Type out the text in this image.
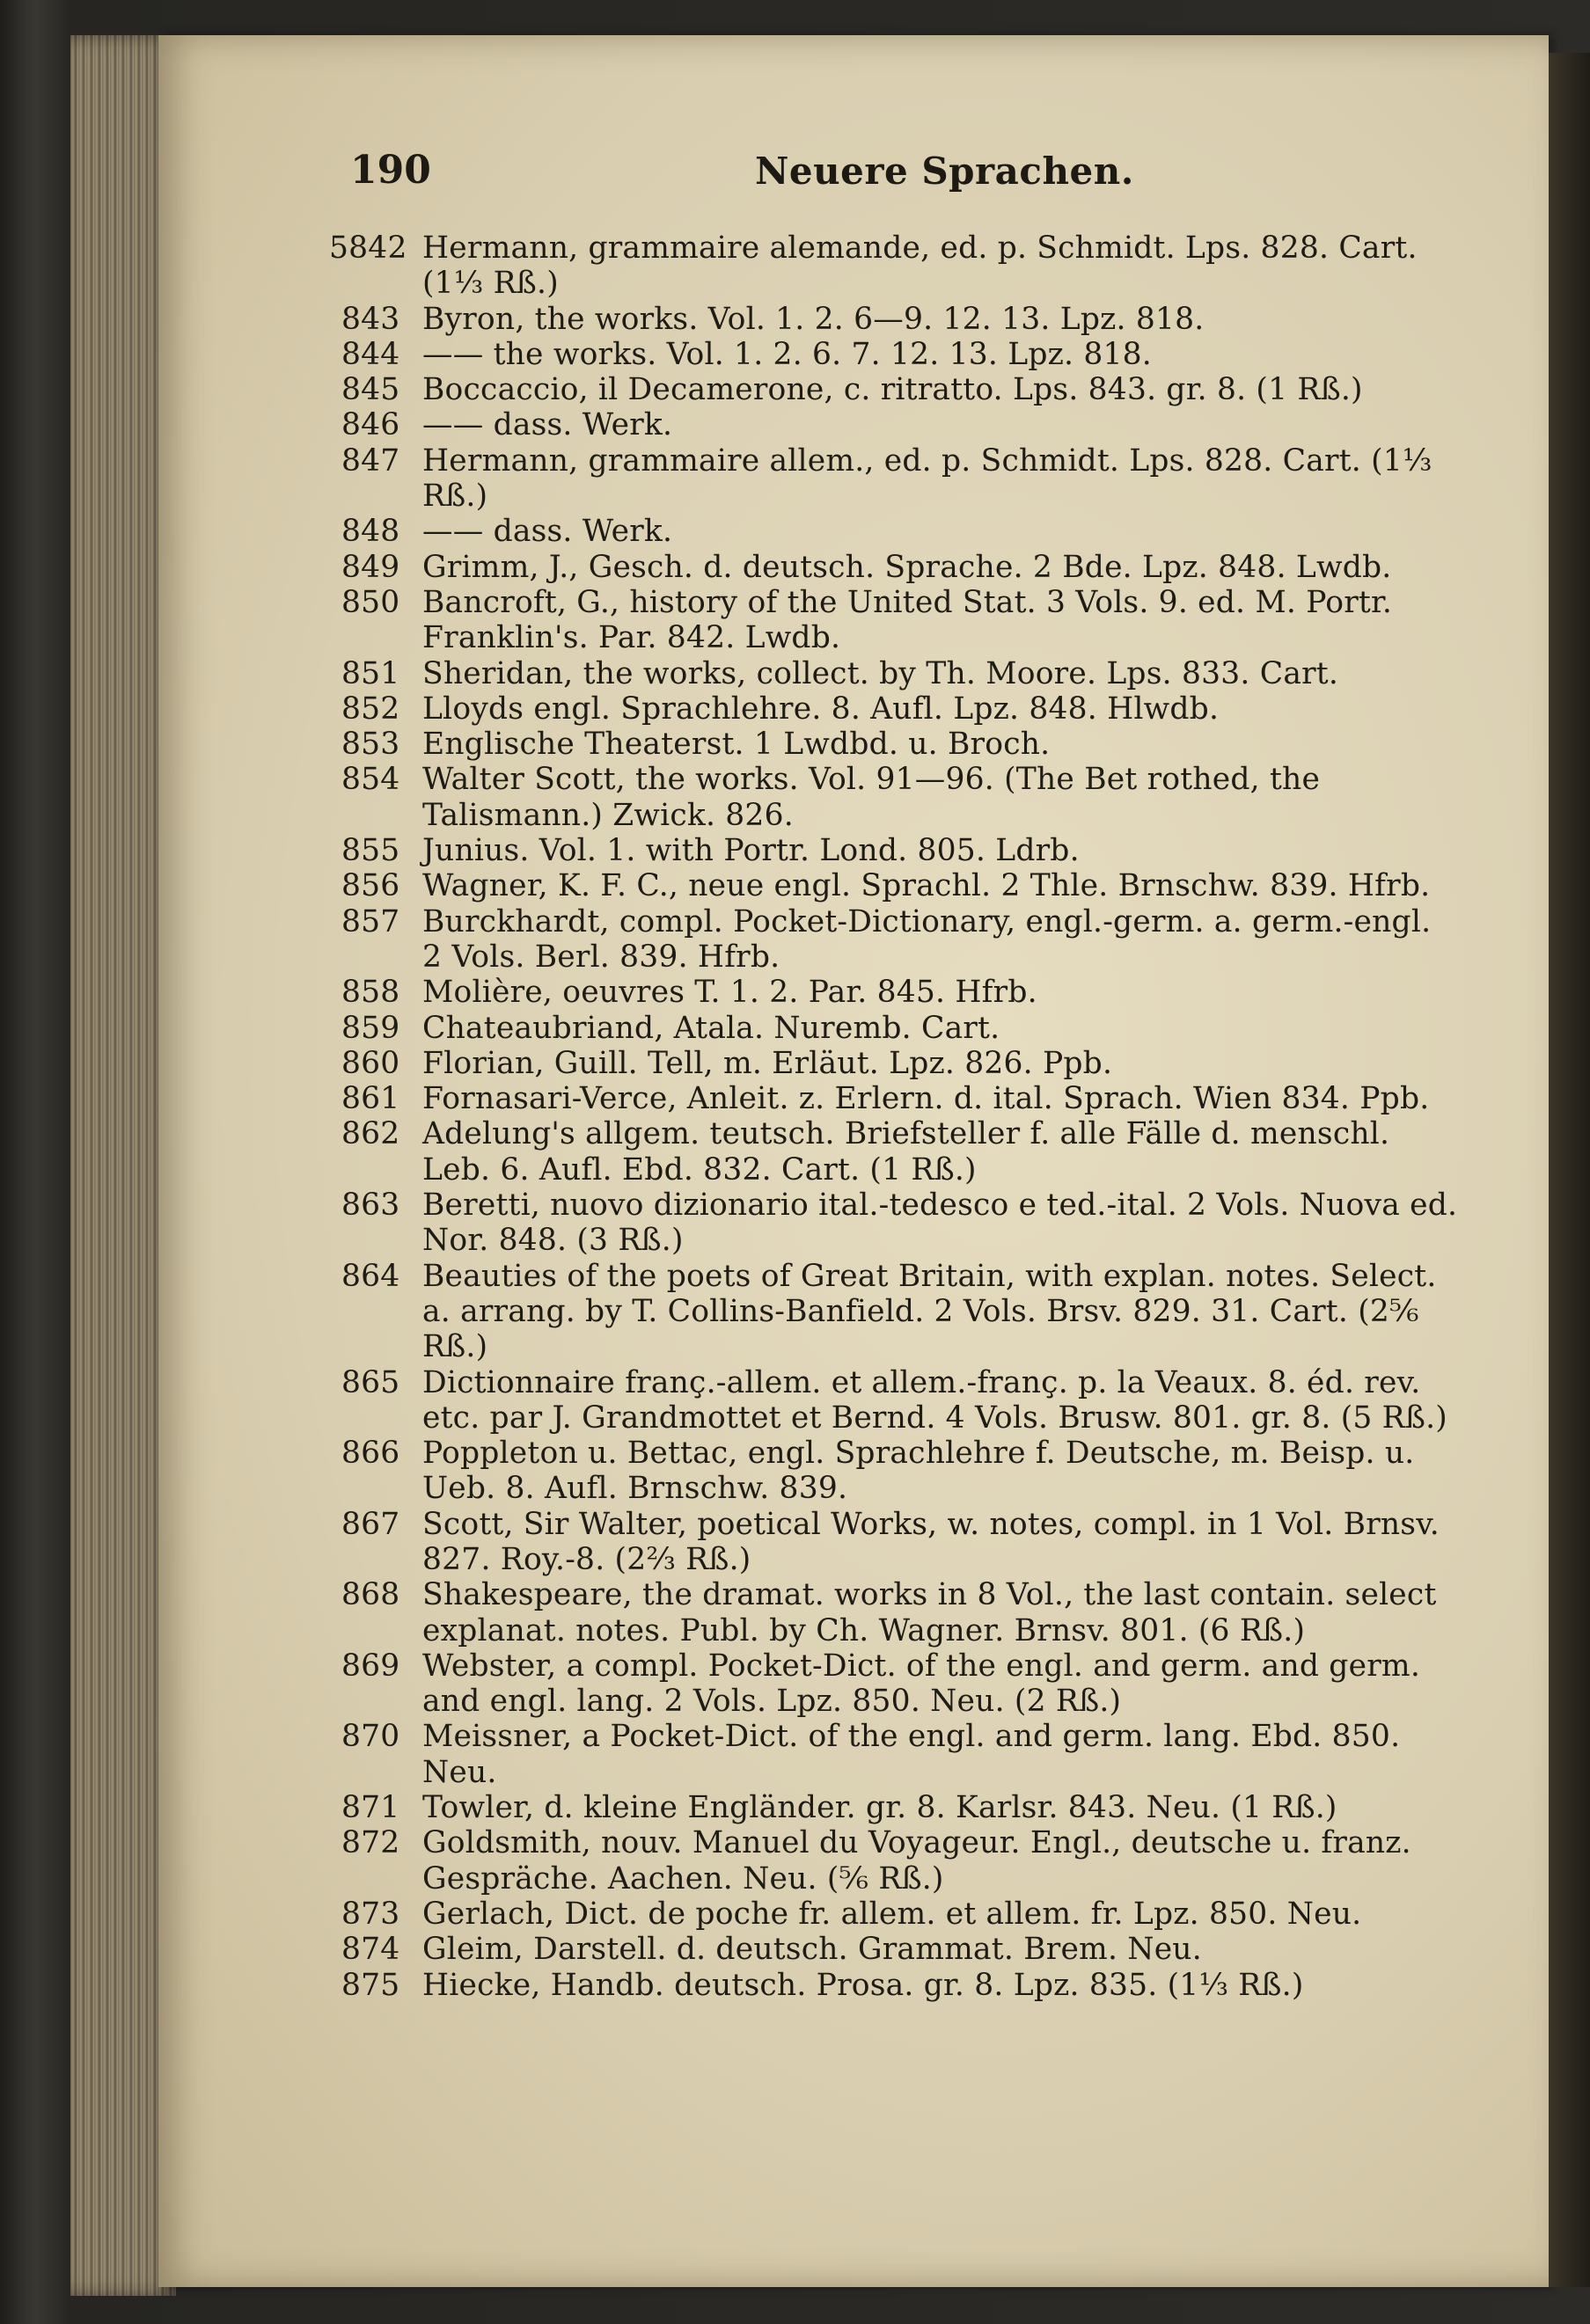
190	Neuere Sprachen.
5842 Hermann, grammaire alemande, ed. p. Schmidt. Lps. 828. Cart. (1⅓ Rß.)
843 Byron, the works. Vol. 1. 2. 6—9. 12. 13. Lpz. 818.
844 —— the works. Vol. 1. 2. 6. 7. 12. 13. Lpz. 818.
845 Boccaccio, il Decamerone, c. ritratto. Lps. 843. gr. 8. (1 Rß.)
846 —— dass. Werk.
847 Hermann, grammaire allem., ed. p. Schmidt. Lps. 828. Cart. (1⅓ Rß.)
848 —— dass. Werk.
849 Grimm, J., Gesch. d. deutsch. Sprache. 2 Bde. Lpz. 848. Lwdb.
850 Bancroft, G., history of the United Stat. 3 Vols. 9. ed. M. Portr. Franklin's. Par. 842. Lwdb.
851 Sheridan, the works, collect. by Th. Moore. Lps. 833. Cart.
852 Lloyds engl. Sprachlehre. 8. Aufl. Lpz. 848. Hlwdb.
853 Englische Theaterst. 1 Lwdbd. u. Broch.
854 Walter Scott, the works. Vol. 91—96. (The Bet rothed, the Talismann.) Zwick. 826.
855 Junius. Vol. 1. with Portr. Lond. 805. Ldrb.
856 Wagner, K. F. C., neue engl. Sprachl. 2 Thle. Brnschw. 839. Hfrb.
857 Burckhardt, compl. Pocket-Dictionary, engl.-germ. a. germ.-engl. 2 Vols. Berl. 839. Hfrb.
858 Molière, oeuvres T. 1. 2. Par. 845. Hfrb.
859 Chateaubriand, Atala. Nuremb. Cart.
860 Florian, Guill. Tell, m. Erläut. Lpz. 826. Ppb.
861 Fornasari-Verce, Anleit. z. Erlern. d. ital. Sprach. Wien 834. Ppb.
862 Adelung's allgem. teutsch. Briefsteller f. alle Fälle d. menschl. Leb. 6. Aufl. Ebd. 832. Cart. (1 Rß.)
863 Beretti, nuovo dizionario ital.-tedesco e ted.-ital. 2 Vols. Nuova ed. Nor. 848. (3 Rß.)
864 Beauties of the poets of Great Britain, with explan. notes. Select. a. arrang. by T. Collins-Banfield. 2 Vols. Brsv. 829. 31. Cart. (2⅚ Rß.)
865 Dictionnaire franç.-allem. et allem.-franç. p. la Veaux. 8. éd. rev. etc. par J. Grandmottet et Bernd. 4 Vols. Brusw. 801. gr. 8. (5 Rß.)
866 Poppleton u. Bettac, engl. Sprachlehre f. Deutsche, m. Beisp. u. Ueb. 8. Aufl. Brnschw. 839.
867 Scott, Sir Walter, poetical Works, w. notes, compl. in 1 Vol. Brnsv. 827. Roy.-8. (2⅔ Rß.)
868 Shakespeare, the dramat. works in 8 Vol., the last contain. select explanat. notes. Publ. by Ch. Wagner. Brnsv. 801. (6 Rß.)
869 Webster, a compl. Pocket-Dict. of the engl. and germ. and germ. and engl. lang. 2 Vols. Lpz. 850. Neu. (2 Rß.)
870 Meissner, a Pocket-Dict. of the engl. and germ. lang. Ebd. 850. Neu.
871 Towler, d. kleine Engländer. gr. 8. Karlsr. 843. Neu. (1 Rß.)
872 Goldsmith, nouv. Manuel du Voyageur. Engl., deutsche u. franz. Gespräche. Aachen. Neu. (⅚ Rß.)
873 Gerlach, Dict. de poche fr. allem. et allem. fr. Lpz. 850. Neu.
874 Gleim, Darstell. d. deutsch. Grammat. Brem. Neu.
875 Hiecke, Handb. deutsch. Prosa. gr. 8. Lpz. 835. (1⅓ Rß.)
